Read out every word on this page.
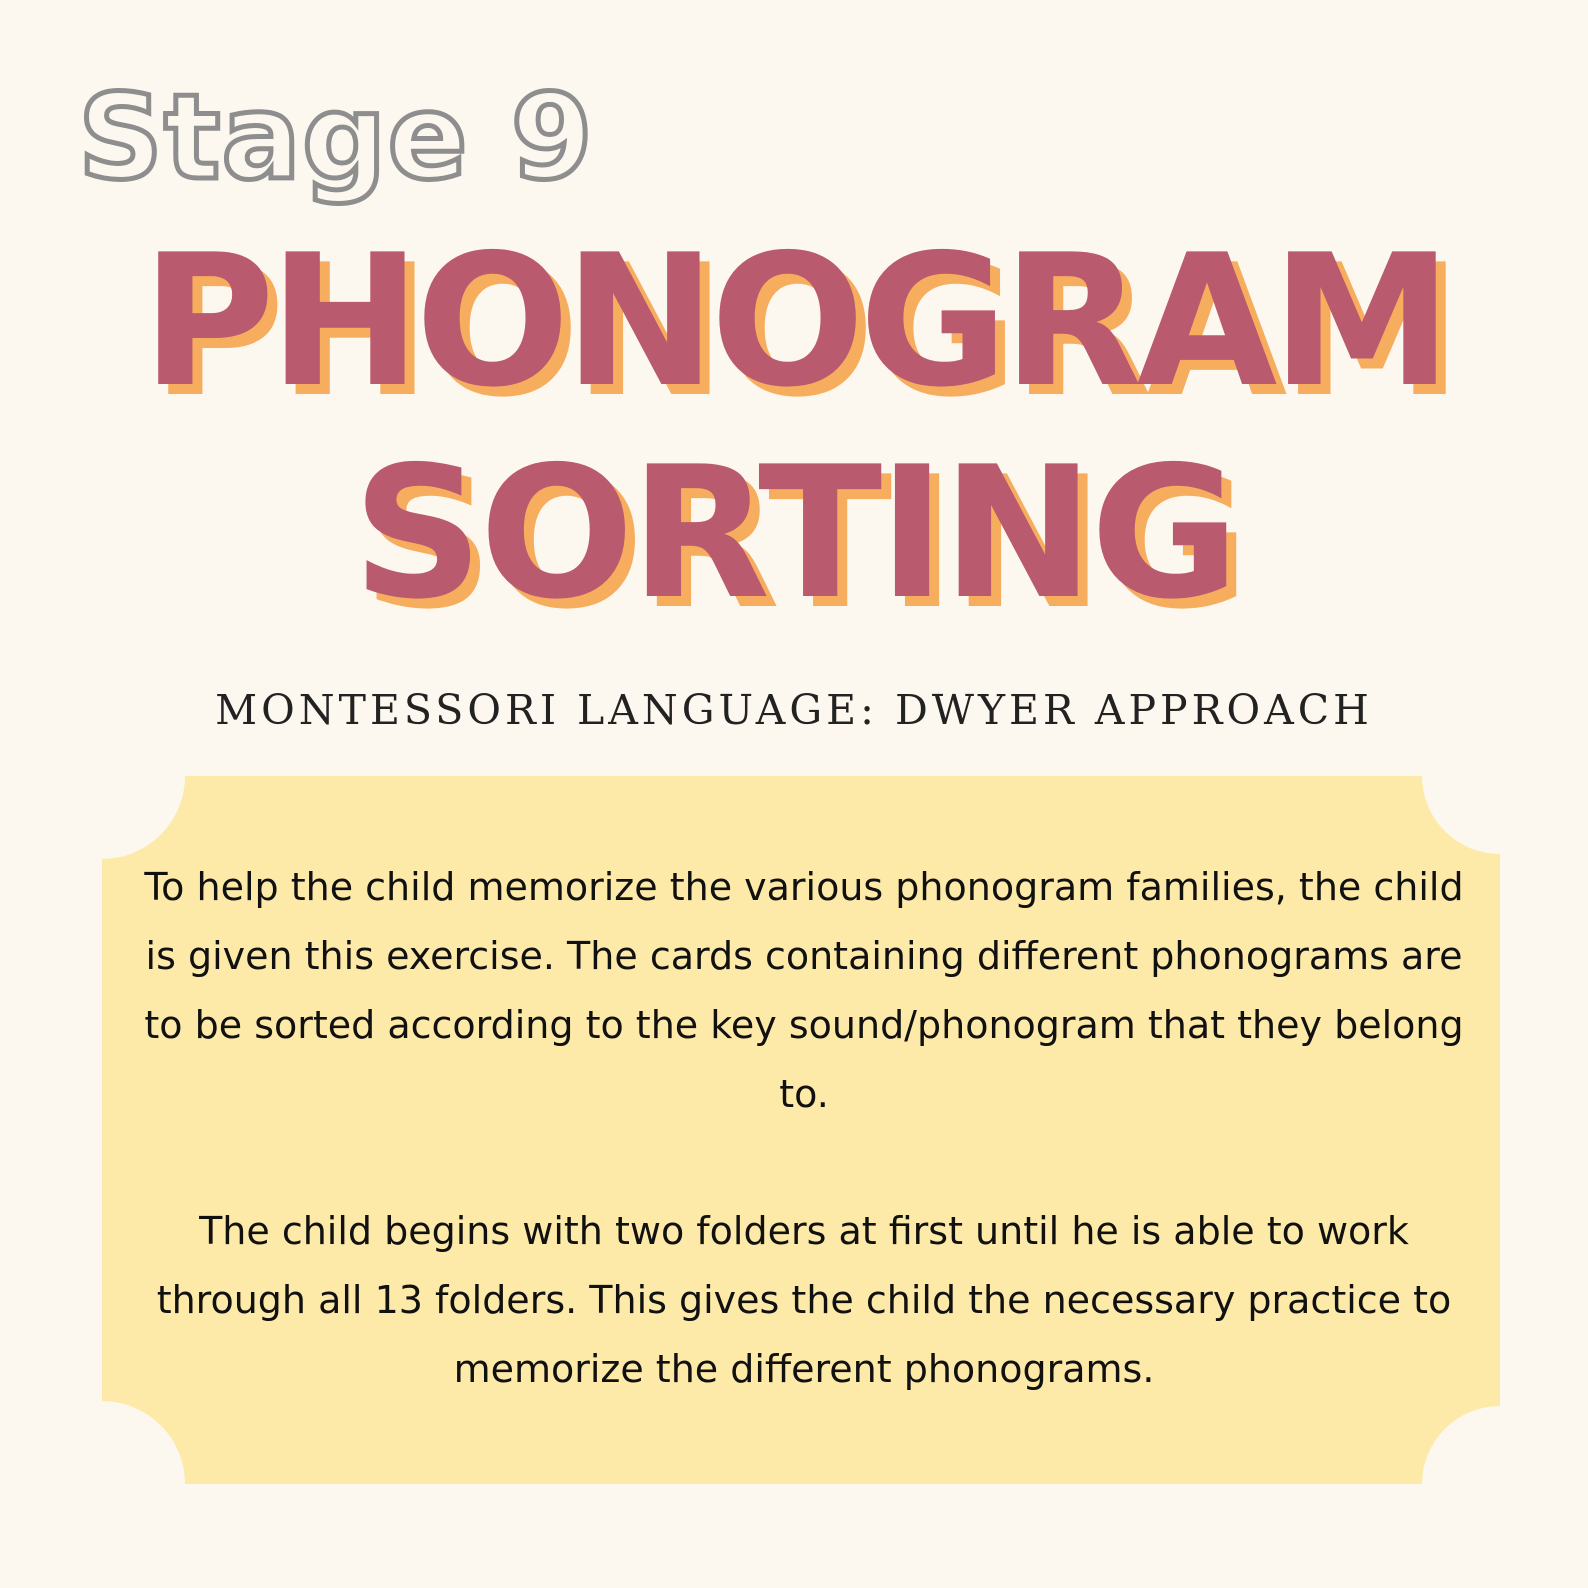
Stage 9
PHONOGRAM
SORTING
MONTESSORI LANGUAGE: DWYER APPROACH
To help the child memorize the various phonogram families, the child is given this exercise. The cards containing different phonograms are to be sorted according to the key sound/phonogram that they belong to.
The child begins with two folders at first until he is able to work through all 13 folders. This gives the child the necessary practice to memorize the different phonograms.
